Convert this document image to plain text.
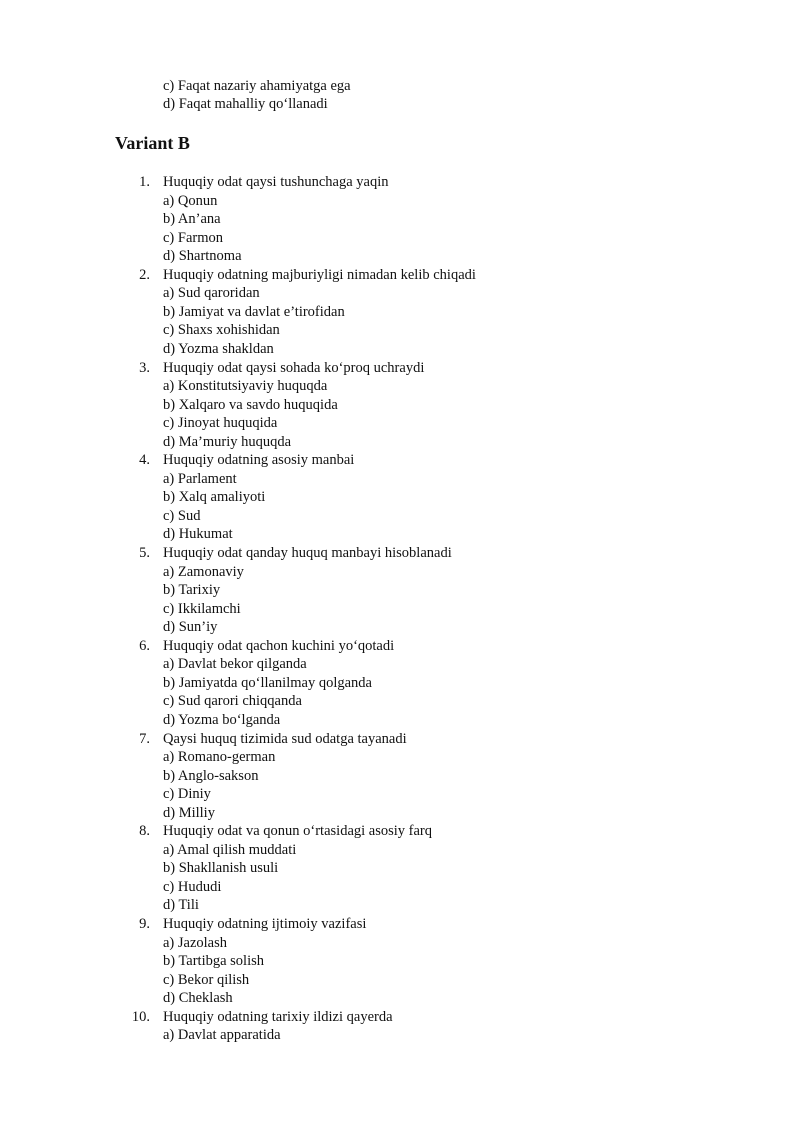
c) Faqat nazariy ahamiyatga ega
d) Faqat mahalliy qo‘llanadi
Variant B
1. Huquqiy odat qaysi tushunchaga yaqin
a) Qonun
b) An’ana
c) Farmon
d) Shartnoma
2. Huquqiy odatning majburiyligi nimadan kelib chiqadi
a) Sud qaroridan
b) Jamiyat va davlat e’tirofidan
c) Shaxs xohishidan
d) Yozma shakldan
3. Huquqiy odat qaysi sohada ko‘proq uchraydi
a) Konstitutsiyaviy huquqda
b) Xalqaro va savdo huquqida
c) Jinoyat huquqida
d) Ma’muriy huquqda
4. Huquqiy odatning asosiy manbai
a) Parlament
b) Xalq amaliyoti
c) Sud
d) Hukumat
5. Huquqiy odat qanday huquq manbayi hisoblanadi
a) Zamonaviy
b) Tarixiy
c) Ikkilamchi
d) Sun’iy
6. Huquqiy odat qachon kuchini yo‘qotadi
a) Davlat bekor qilganda
b) Jamiyatda qo‘llanilmay qolganda
c) Sud qarori chiqqanda
d) Yozma bo‘lganda
7. Qaysi huquq tizimida sud odatga tayanadi
a) Romano-german
b) Anglo-sakson
c) Diniy
d) Milliy
8. Huquqiy odat va qonun o‘rtasidagi asosiy farq
a) Amal qilish muddati
b) Shakllanish usuli
c) Hududi
d) Tili
9. Huquqiy odatning ijtimoiy vazifasi
a) Jazolash
b) Tartibga solish
c) Bekor qilish
d) Cheklash
10. Huquqiy odatning tarixiy ildizi qayerda
a) Davlat apparatida
